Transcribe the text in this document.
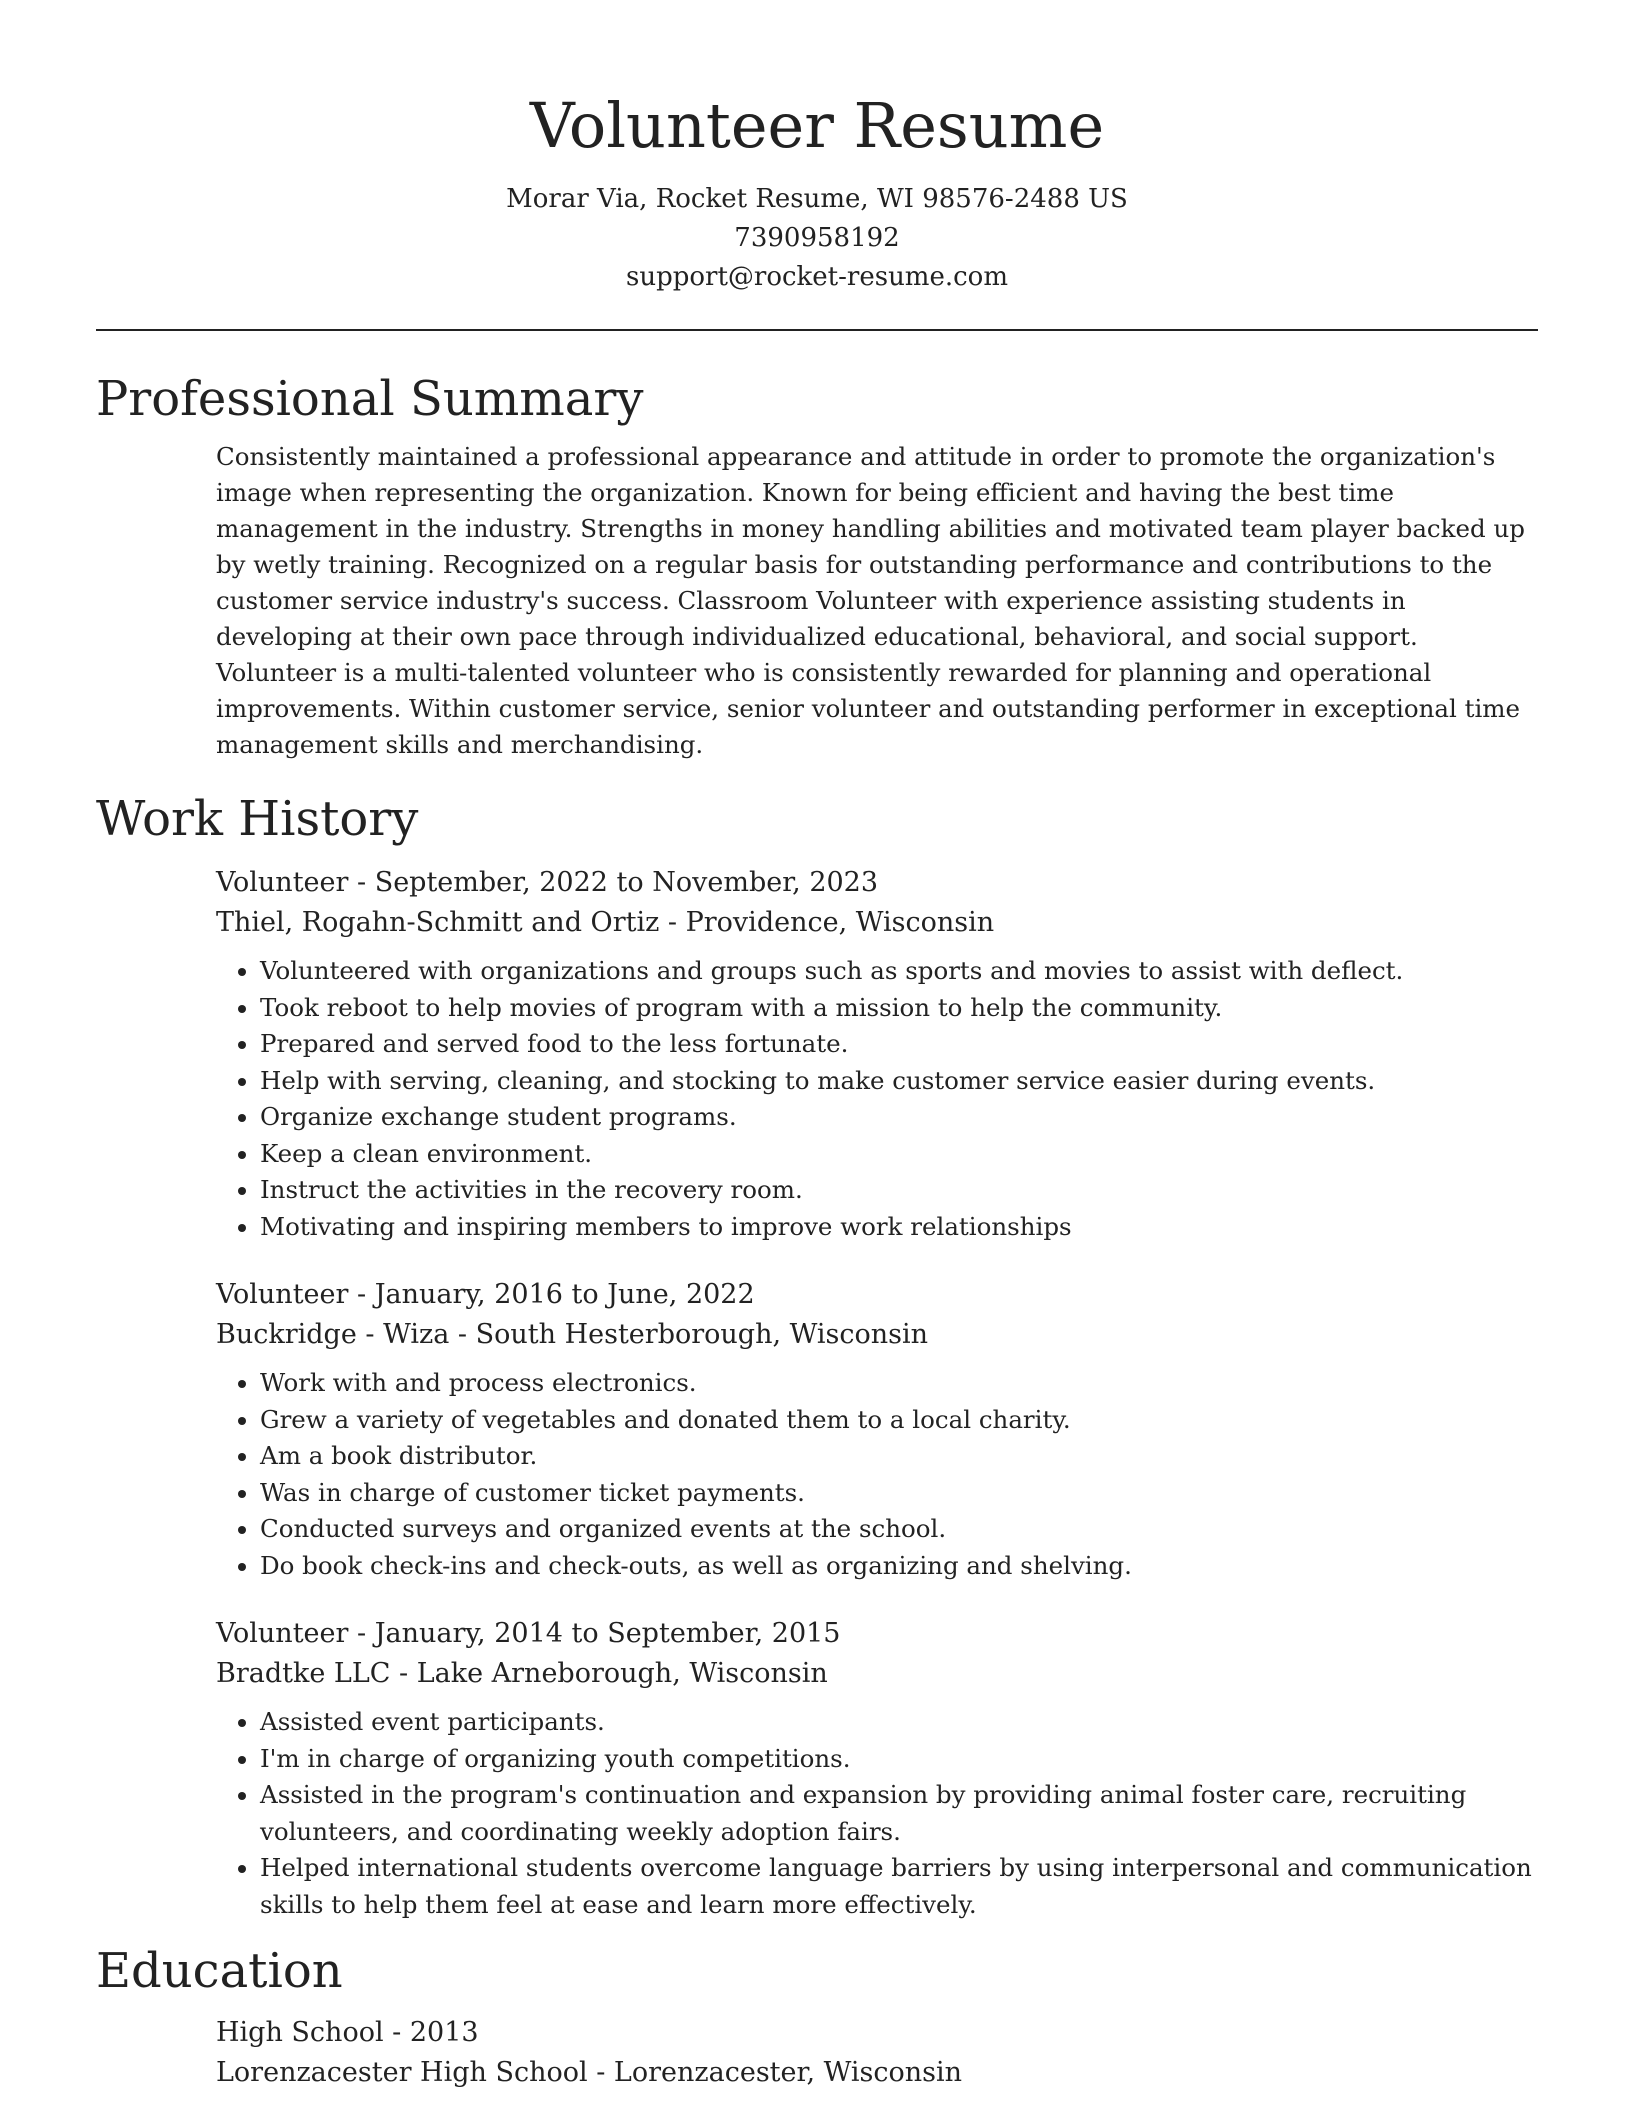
Volunteer Resume
Morar Via, Rocket Resume, WI 98576-2488 US
7390958192
support@rocket-resume.com
Professional Summary
Consistently maintained a professional appearance and attitude in order to promote the organization's image when representing the organization. Known for being efficient and having the best time management in the industry. Strengths in money handling abilities and motivated team player backed up by wetly training. Recognized on a regular basis for outstanding performance and contributions to the customer service industry's success. Classroom Volunteer with experience assisting students in developing at their own pace through individualized educational, behavioral, and social support. Volunteer is a multi-talented volunteer who is consistently rewarded for planning and operational improvements. Within customer service, senior volunteer and outstanding performer in exceptional time management skills and merchandising.
Work History
Volunteer - September, 2022 to November, 2023
Thiel, Rogahn-Schmitt and Ortiz - Providence, Wisconsin
• Volunteered with organizations and groups such as sports and movies to assist with deflect.
• Took reboot to help movies of program with a mission to help the community.
• Prepared and served food to the less fortunate.
• Help with serving, cleaning, and stocking to make customer service easier during events.
• Organize exchange student programs.
• Keep a clean environment.
• Instruct the activities in the recovery room.
• Motivating and inspiring members to improve work relationships
Volunteer - January, 2016 to June, 2022
Buckridge - Wiza - South Hesterborough, Wisconsin
• Work with and process electronics.
• Grew a variety of vegetables and donated them to a local charity.
• Am a book distributor.
• Was in charge of customer ticket payments.
• Conducted surveys and organized events at the school.
• Do book check-ins and check-outs, as well as organizing and shelving.
Volunteer - January, 2014 to September, 2015
Bradtke LLC - Lake Arneborough, Wisconsin
• Assisted event participants.
• I'm in charge of organizing youth competitions.
• Assisted in the program's continuation and expansion by providing animal foster care, recruiting volunteers, and coordinating weekly adoption fairs.
• Helped international students overcome language barriers by using interpersonal and communication skills to help them feel at ease and learn more effectively.
Education
High School - 2013
Lorenzacester High School - Lorenzacester, Wisconsin
